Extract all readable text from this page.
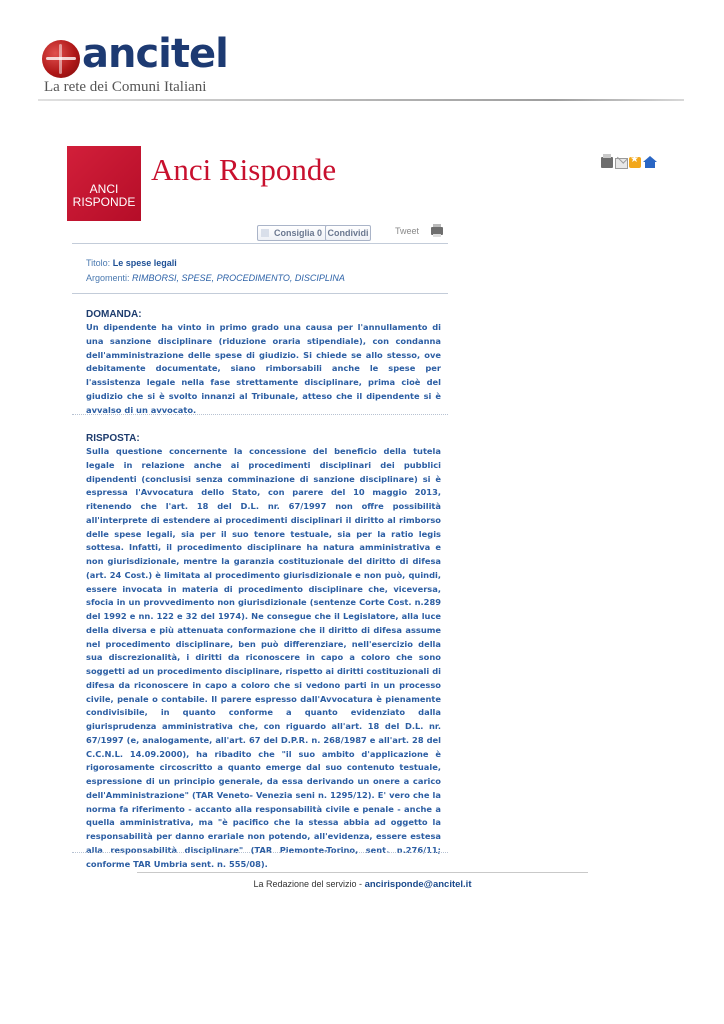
ancitel
La rete dei Comuni Italiani
ANCI
RISPONDE
Anci Risponde
★
Consiglia 0 Condividi	Tweet
Titolo: Le spese legali
Argomenti: RIMBORSI, SPESE, PROCEDIMENTO, DISCIPLINA
DOMANDA:
Un dipendente ha vinto in primo grado una causa per l'annullamento di una sanzione disciplinare (riduzione oraria stipendiale), con condanna dell'amministrazione delle spese di giudizio. Si chiede se allo stesso, ove debitamente documentate, siano rimborsabili anche le spese per l'assistenza legale nella fase strettamente disciplinare, prima cioè del giudizio che si è svolto innanzi al Tribunale, atteso che il dipendente si è avvalso di un avvocato.
RISPOSTA:
Sulla questione concernente la concessione del beneficio della tutela legale in relazione anche ai procedimenti disciplinari dei pubblici dipendenti (conclusisi senza comminazione di sanzione disciplinare) si è espressa l'Avvocatura dello Stato, con parere del 10 maggio 2013, ritenendo che l'art. 18 del D.L. nr. 67/1997 non offre possibilità all'interprete di estendere ai procedimenti disciplinari il diritto al rimborso delle spese legali, sia per il suo tenore testuale, sia per la ratio legis sottesa. Infatti, il procedimento disciplinare ha natura amministrativa e non giurisdizionale, mentre la garanzia costituzionale del diritto di difesa (art. 24 Cost.) è limitata al procedimento giurisdizionale e non può, quindi, essere invocata in materia di procedimento disciplinare che, viceversa, sfocia in un provvedimento non giurisdizionale (sentenze Corte Cost. n.289 del 1992 e nn. 122 e 32 del 1974). Ne consegue che il Legislatore, alla luce della diversa e più attenuata conformazione che il diritto di difesa assume nel procedimento disciplinare, ben può differenziare, nell'esercizio della sua discrezionalità, i diritti da riconoscere in capo a coloro che sono soggetti ad un procedimento disciplinare, rispetto ai diritti costituzionali di difesa da riconoscere in capo a coloro che si vedono parti in un processo civile, penale o contabile. Il parere espresso dall'Avvocatura è pienamente condivisibile, in quanto conforme a quanto evidenziato dalla giurisprudenza amministrativa che, con riguardo all'art. 18 del D.L. nr. 67/1997 (e, analogamente, all'art. 67 del D.P.R. n. 268/1987 e all'art. 28 del C.C.N.L. 14.09.2000), ha ribadito che "il suo ambito d'applicazione è rigorosamente circoscritto a quanto emerge dal suo contenuto testuale, espressione di un principio generale, da essa derivando un onere a carico dell'Amministrazione" (TAR Veneto- Venezia seni n. 1295/12). E' vero che la norma fa riferimento - accanto alla responsabilità civile e penale - anche a quella amministrativa, ma "è pacifico che la stessa abbia ad oggetto la responsabilità per danno erariale non potendo, all'evidenza, essere estesa alla responsabilità disciplinare" (TAR Piemonte-Torino, sent. n.276/11; conforme TAR Umbria sent. n. 555/08).
La Redazione del servizio - ancirisponde@ancitel.it
